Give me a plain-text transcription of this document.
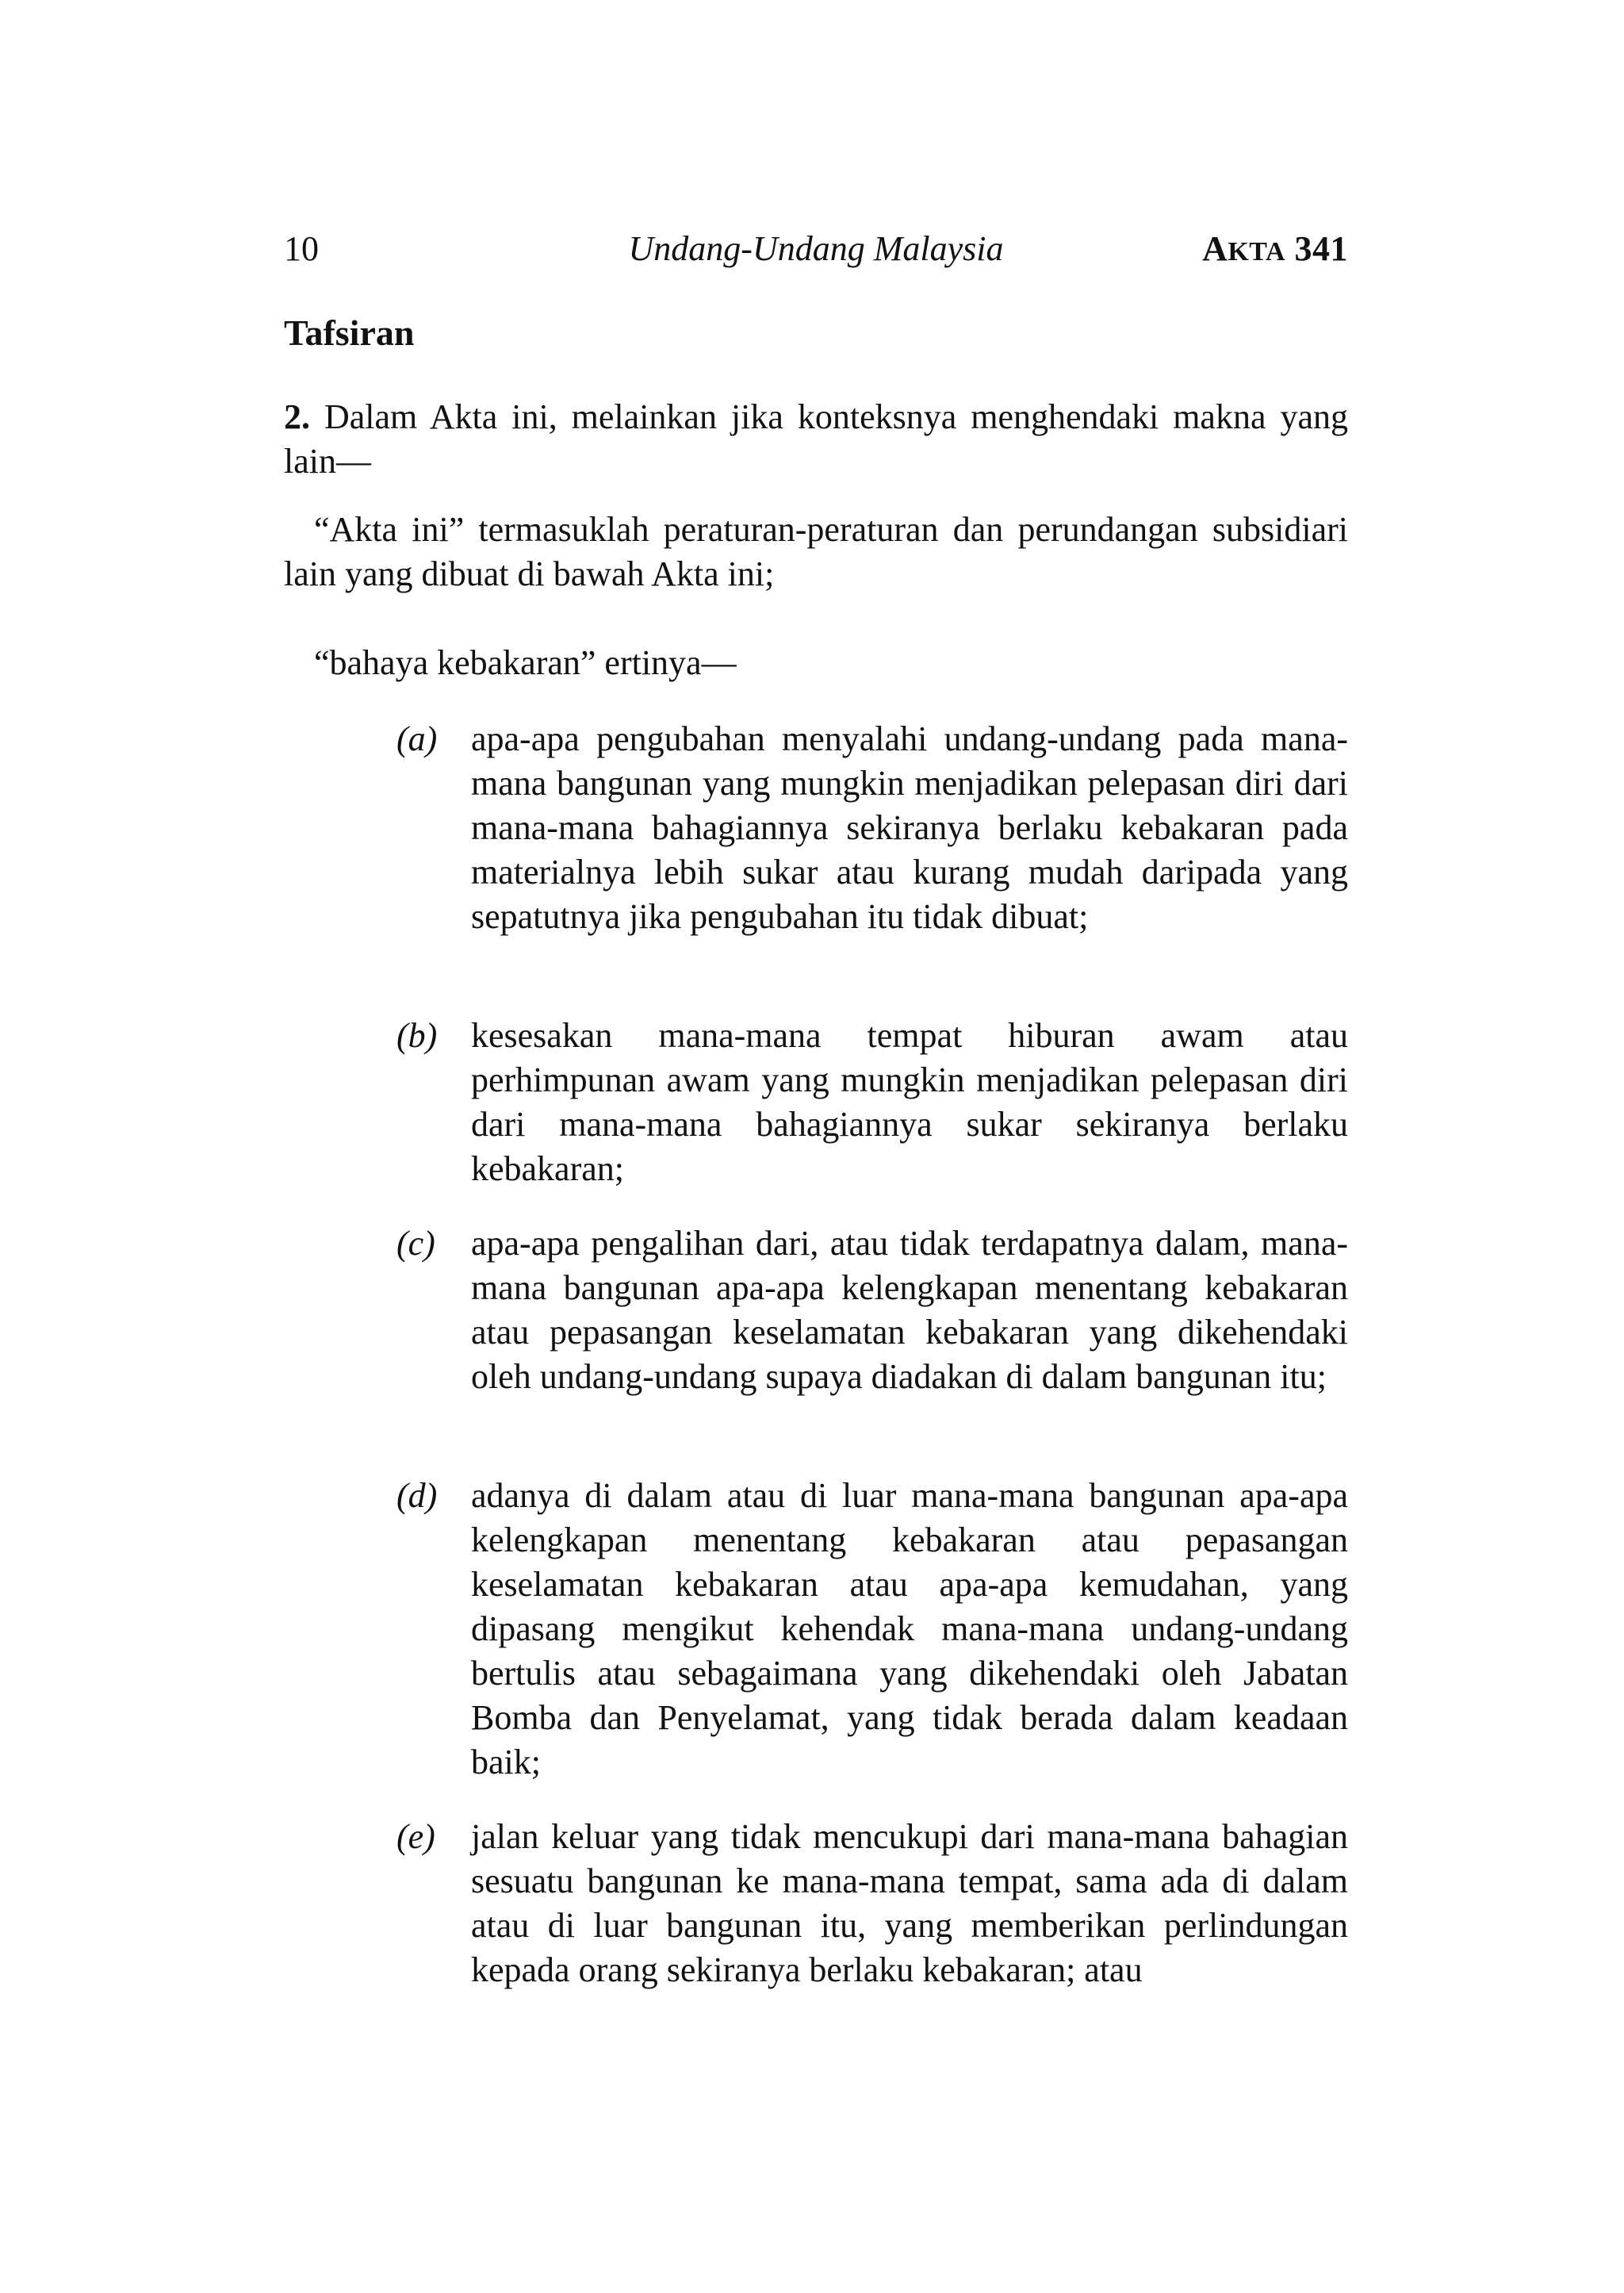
10	Undang-Undang Malaysia	AKTA 341
Tafsiran
2. Dalam Akta ini, melainkan jika konteksnya menghendaki makna yang lain—
“Akta ini” termasuklah peraturan-peraturan dan perundangan subsidiari lain yang dibuat di bawah Akta ini;
“bahaya kebakaran” ertinya—
(a) apa-apa pengubahan menyalahi undang-undang pada mana-mana bangunan yang mungkin menjadikan pelepasan diri dari mana-mana bahagiannya sekiranya berlaku kebakaran pada materialnya lebih sukar atau kurang mudah daripada yang sepatutnya jika pengubahan itu tidak dibuat;
(b) kesesakan mana-mana tempat hiburan awam atau perhimpunan awam yang mungkin menjadikan pelepasan diri dari mana-mana bahagiannya sukar sekiranya berlaku kebakaran;
(c) apa-apa pengalihan dari, atau tidak terdapatnya dalam, mana-mana bangunan apa-apa kelengkapan menentang kebakaran atau pepasangan keselamatan kebakaran yang dikehendaki oleh undang-undang supaya diadakan di dalam bangunan itu;
(d) adanya di dalam atau di luar mana-mana bangunan apa-apa kelengkapan menentang kebakaran atau pepasangan keselamatan kebakaran atau apa-apa kemudahan, yang dipasang mengikut kehendak mana-mana undang-undang bertulis atau sebagaimana yang dikehendaki oleh Jabatan Bomba dan Penyelamat, yang tidak berada dalam keadaan baik;
(e) jalan keluar yang tidak mencukupi dari mana-mana bahagian sesuatu bangunan ke mana-mana tempat, sama ada di dalam atau di luar bangunan itu, yang memberikan perlindungan kepada orang sekiranya berlaku kebakaran; atau
